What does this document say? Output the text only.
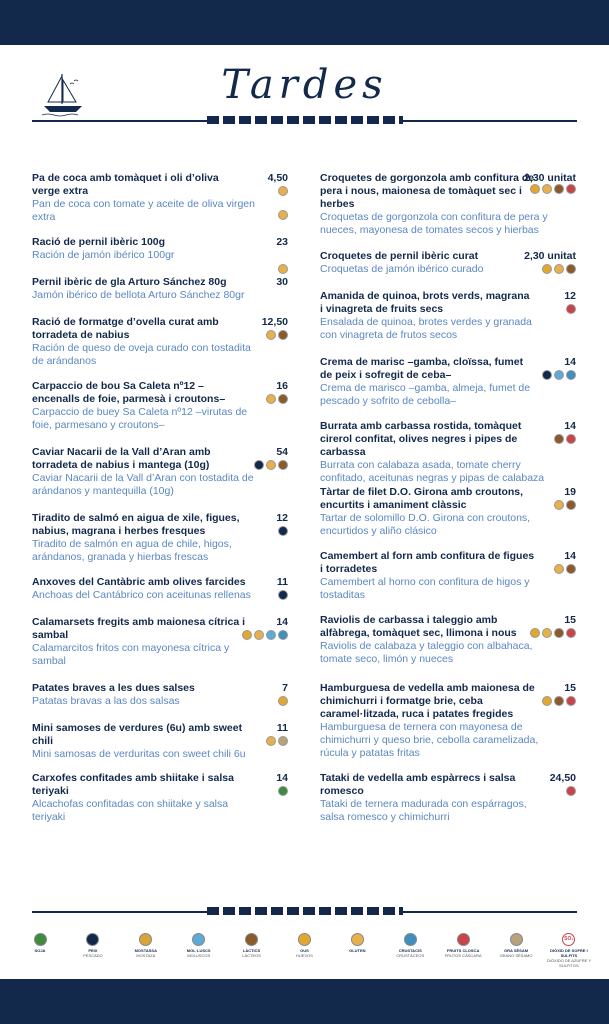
Tardes
Pa de coca amb tomàquet i oli d’oliva verge extra
Pan de coca con tomate y aceite de oliva virgen extra
4,50
Ració de pernil ibèric 100g
Ración de jamón ibérico 100gr
23
Pernil ibèric de gla Arturo Sánchez 80g
Jamón ibérico de bellota Arturo Sánchez 80gr
30
Ració de formatge d’ovella curat amb torradeta de nabius
Ración de queso de oveja curado con tostadita de arándanos
12,50
Carpaccio de bou Sa Caleta nº12 –encenalls de foie, parmesà i croutons–
Carpaccio de buey Sa Caleta nº12 –virutas de foie, parmesano y croutons–
16
Caviar Nacarii de la Vall d’Aran amb torradeta de nabius i mantega (10g)
Caviar Nacarii de la Vall d’Aran con tostadita de arándanos y mantequilla (10g)
54
Tiradito de salmó en aigua de xile, figues, nabius, magrana i herbes fresques
Tiradito de salmón en agua de chile, higos, arándanos, granada y hierbas frescas
12
Anxoves del Cantàbric amb olives farcides
Anchoas del Cantábrico con aceitunas rellenas
11
Calamarsets fregits amb maionesa cítrica i sambal
Calamarcitos fritos con mayonesa cítrica y sambal
14
Patates braves a les dues salses
Patatas bravas a las dos salsas
7
Mini samoses de verdures (6u) amb sweet chili
Mini samosas de verduritas con sweet chili 6u
11
Carxofes confitades amb shiitake i salsa teriyaki
Alcachofas confitadas con shiitake y salsa teriyaki
14
Croquetes de gorgonzola amb confitura de pera i nous, maionesa de tomàquet sec i herbes
Croquetas de gorgonzola con confitura de pera y nueces, mayonesa de tomates secos y hierbas
2,30 unitat
Croquetes de pernil ibèric curat
Croquetas de jamón ibérico curado
2,30 unitat
Amanida de quinoa, brots verds, magrana i vinagreta de fruits secs
Ensalada de quinoa, brotes verdes y granada con vinagreta de frutos secos
12
Crema de marisc –gamba, cloïssa, fumet de peix i sofregit de ceba–
Crema de marisco –gamba, almeja, fumet de pescado y sofrito de cebolla–
14
Burrata amb carbassa rostida, tomàquet cirerol confitat, olives negres i pipes de carbassa
Burrata con calabaza asada, tomate cherry confitado, aceitunas negras y pipas de calabaza
14
Tàrtar de filet D.O. Girona amb croutons, encurtits i amaniment clàssic
Tartar de solomillo D.O. Girona con croutons, encurtidos y aliño clásico
19
Camembert al forn amb confitura de figues i torradetes
Camembert al horno con confitura de higos y tostaditas
14
Raviolis de carbassa i taleggio amb alfàbrega, tomàquet sec, llimona i nous
Raviolis de calabaza y taleggio con albahaca, tomate seco, limón y nueces
15
Hamburguesa de vedella amb maionesa de chimichurri i formatge brie, ceba caramel·litzada, ruca i patates fregides
Hamburguesa de ternera con mayonesa de chimichurri y queso brie, cebolla caramelizada, rúcula y patatas fritas
15
Tataki de vedella amb espàrrecs i salsa romesco
Tataki de ternera madurada con espárragos, salsa romesco y chimichurri
24,50
SOJA	PEIX
PESCADO
MOSTASSA
MOSTAZA
MOL·LUSCS
MOLUSCOS
LÀCTICS
LÁCTEOS
OUS
HUEVOS
GLUTEN	CRUSTACIS
CRUSTÁCEOS
FRUITS CLOSCA
FRUTOS CÁSCARA
GRA SÈSAM
GRANO SÉSAMO
SO₂
DIÒXID DE SOFRE I SULFITS
DIÓXIDO DE AZUFRE Y SULFITOS
